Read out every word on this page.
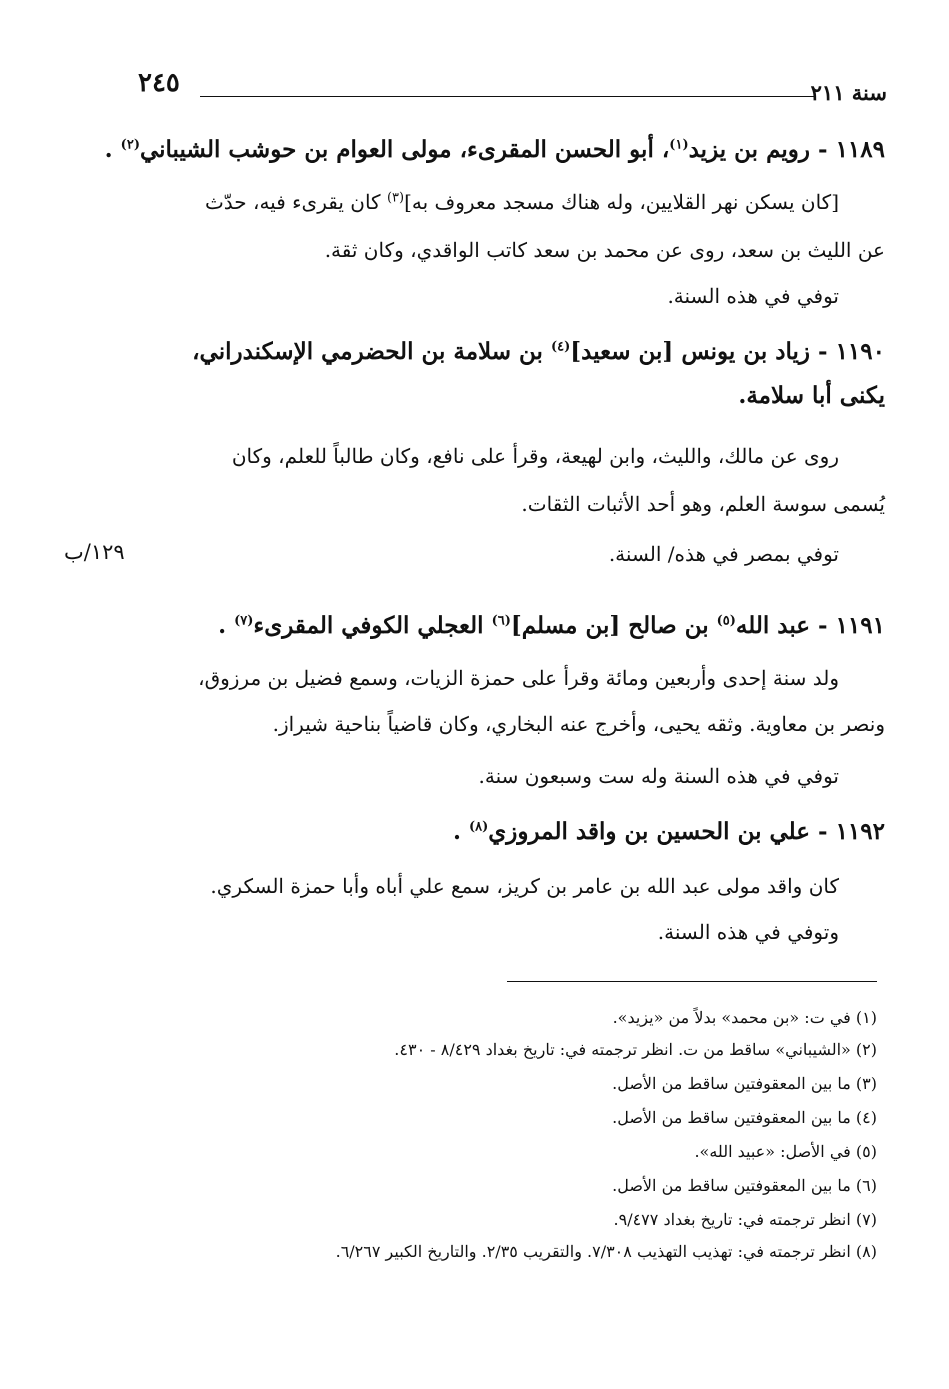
٢٤٥	سنة ٢١١
١١٨٩ - رويم بن يزيد$^{(١)}$، أبو الحسن المقرىء، مولى العوام بن حوشب الشيباني$^{(٢)}$ .
[كان يسكن نهر القلايين، وله هناك مسجد معروف به]$^{(٣)}$ كان يقرىء فيه، حدّث
عن الليث بن سعد، روى عن محمد بن سعد كاتب الواقدي، وكان ثقة.
توفي في هذه السنة.
١١٩٠ - زياد بن يونس [بن سعيد]$^{(٤)}$ بن سلامة بن الحضرمي الإسكندراني،
يكنى أبا سلامة.
روى عن مالك، والليث، وابن لهيعة، وقرأ على نافع، وكان طالباً للعلم، وكان
يُسمى سوسة العلم، وهو أحد الأثبات الثقات.
توفي بمصر في هذه/ السنة.
١٢٩/ب
١١٩١ - عبد الله$^{(٥)}$ بن صالح [بن مسلم]$^{(٦)}$ العجلي الكوفي المقرىء$^{(٧)}$ .
ولد سنة إحدى وأربعين ومائة وقرأ على حمزة الزيات، وسمع فضيل بن مرزوق،
ونصر بن معاوية. وثقه يحيى، وأخرج عنه البخاري، وكان قاضياً بناحية شيراز.
توفي في هذه السنة وله ست وسبعون سنة.
١١٩٢ - علي بن الحسين بن واقد المروزي$^{(٨)}$ .
كان واقد مولى عبد الله بن عامر بن كريز، سمع علي أباه وأبا حمزة السكري.
وتوفي في هذه السنة.
(١) في ت: «بن محمد» بدلاً من «يزيد».
(٢) «الشيباني» ساقط من ت. انظر ترجمته في: تاريخ بغداد ٨/٤٢٩ - ٤٣٠.
(٣) ما بين المعقوفتين ساقط من الأصل.
(٤) ما بين المعقوفتين ساقط من الأصل.
(٥) في الأصل: «عبيد الله».
(٦) ما بين المعقوفتين ساقط من الأصل.
(٧) انظر ترجمته في: تاريخ بغداد ٩/٤٧٧.
(٨) انظر ترجمته في: تهذيب التهذيب ٧/٣٠٨. والتقريب ٢/٣٥. والتاريخ الكبير ٦/٢٦٧.
